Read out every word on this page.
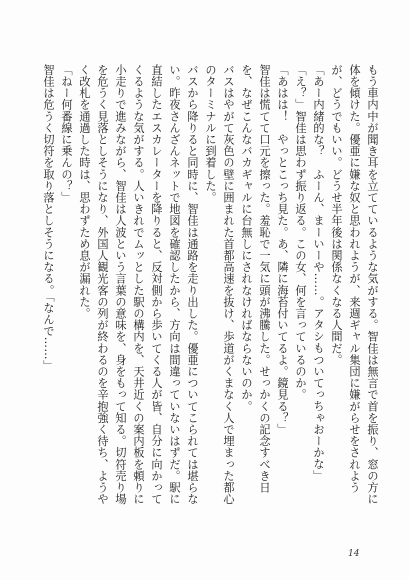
もう車内中が聞き耳を立てているような気がする。智佳は無言で首を振り、窓の方に体を傾けた。優亜に嫌な奴と思われようが、来週ギャル集団に嫌がらせをされようが、どうでもいい。どうせ半年後は関係なくなる人間だ。

「あー内緒的な？　ふーん、まーいーや……。アタシもついてっちゃおーかな」

「え？」智佳は思わず振り返る。この女、何を言っているのか。

「あはは！　やっとこっち見た。あ、隣に海苔付いてるよ。鏡見る？」

智佳は慌てて口元を擦った。羞恥で一気に頭が沸騰した。せっかくの記念すべき日を、なぜこんなバカギャルに台無しにされなければならないのか。

バスはやがて灰色の壁に囲まれた首都高速を抜け、歩道がくまなく人で埋まった都心のターミナルに到着した。

バスから降りると同時に、智佳は通路を走り出した。優亜についてこられては堪らない。昨夜さんざんネットで地図を確認したから、方向は間違っていないはずだ。駅に直結したエスカレーターを降りると、反対側から歩いてくる人が皆、自分に向かってくるような気がする。人いきれでムッとした駅の構内を、天井近くの案内板を頼りに小走りで進みながら、智佳は人波という言葉の意味を、身をもって知る。切符売り場を危うく見落としそうになり、外国人観光客の列が終わるのを辛抱強く待ち、ようやく改札を通過した時は、思わずため息が漏れた。

「ねー何番線に乗んの？」

智佳は危うく切符を取り落としそうになる。「なんで……」

14
